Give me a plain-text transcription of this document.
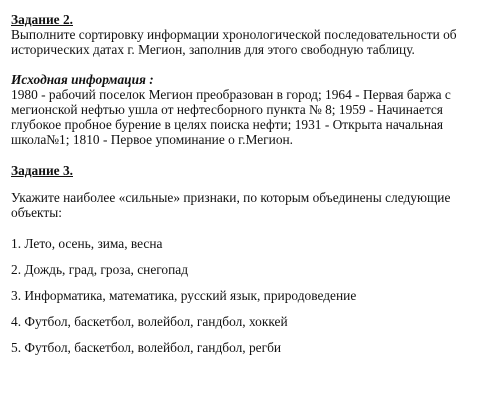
Задание 2.

Выполните сортировку информации хронологической последовательности об

исторических датах г. Мегион, заполнив для этого свободную таблицу.

Исходная информация :

1980 - рабочий поселок Мегион преобразован в город; 1964 - Первая баржа с

мегионской нефтью ушла от нефтесборного пункта № 8; 1959 - Начинается

глубокое пробное бурение в целях поиска нефти; 1931 - Открыта начальная

школа№1; 1810 - Первое упоминание о г.Мегион.

Задание 3.

Укажите наиболее «сильные» признаки, по которым объединены следующие

объекты:

1. Лето, осень, зима, весна

2. Дождь, град, гроза, снегопад

3. Информатика, математика, русский язык, природоведение

4. Футбол, баскетбол, волейбол, гандбол, хоккей

5. Футбол, баскетбол, волейбол, гандбол, регби
